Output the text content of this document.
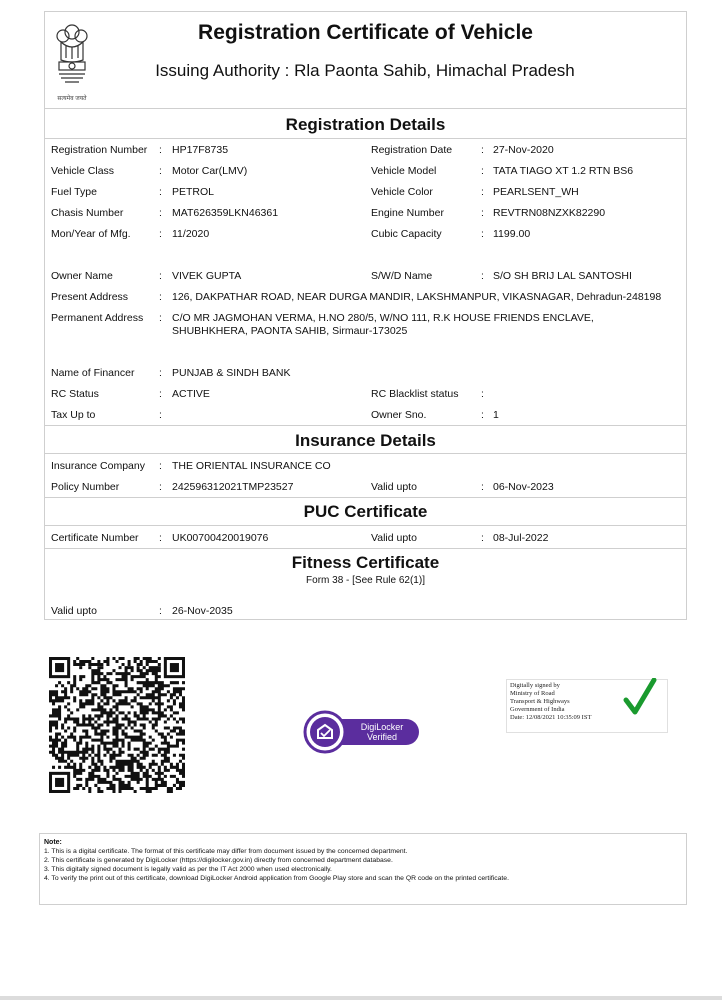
सत्यमेव जयते
Registration Certificate of Vehicle
Issuing Authority : Rla Paonta Sahib, Himachal Pradesh
Registration Details
Registration Number : HP17F8735	Registration Date	: 27-Nov-2020
Vehicle Class	: Motor Car(LMV)	Vehicle Model	: TATA TIAGO XT 1.2 RTN BS6
Fuel Type	: PETROL	Vehicle Color	: PEARLSENT_WH
Chasis Number	: MAT626359LKN46361	Engine Number	: REVTRN08NZXK82290
Mon/Year of Mfg.	: 11/2020	Cubic Capacity	: 1199.00
Owner Name	: VIVEK GUPTA	S/W/D Name	: S/O SH BRIJ LAL SANTOSHI
Present Address	: 126, DAKPATHAR ROAD, NEAR DURGA MANDIR, LAKSHMANPUR, VIKASNAGAR, Dehradun-248198
Permanent Address : C/O MR JAGMOHAN VERMA, H.NO 280/5, W/NO 111, R.K HOUSE FRIENDS ENCLAVE, SHUBHKHERA, PAONTA SAHIB, Sirmaur-173025
Name of Financer : PUNJAB & SINDH BANK
RC Status	: ACTIVE	RC Blacklist status :
Tax Up to	:	Owner Sno.	: 1
Insurance Details
Insurance Company : THE ORIENTAL INSURANCE CO
Policy Number	: 242596312021TMP23527	Valid upto	: 06-Nov-2023
PUC Certificate
Certificate Number : UK00700420019076	Valid upto	: 08-Jul-2022
Fitness Certificate
Form 38 - [See Rule 62(1)]
Valid upto	: 26-Nov-2035
DigiLocker
Verified
Digitally signed by
Ministry of Road
Transport & Highways
Government of India
Date: 12/08/2021 10:35:09 IST
Note:
1. This is a digital certificate. The format of this certificate may differ from document issued by the concerned department.
2. This certificate is generated by DigiLocker (https://digilocker.gov.in) directly from concerned department database.
3. This digitally signed document is legally valid as per the IT Act 2000 when used electronically.
4. To verify the print out of this certificate, download DigiLocker Android application from Google Play store and scan the QR code on the printed certificate.
